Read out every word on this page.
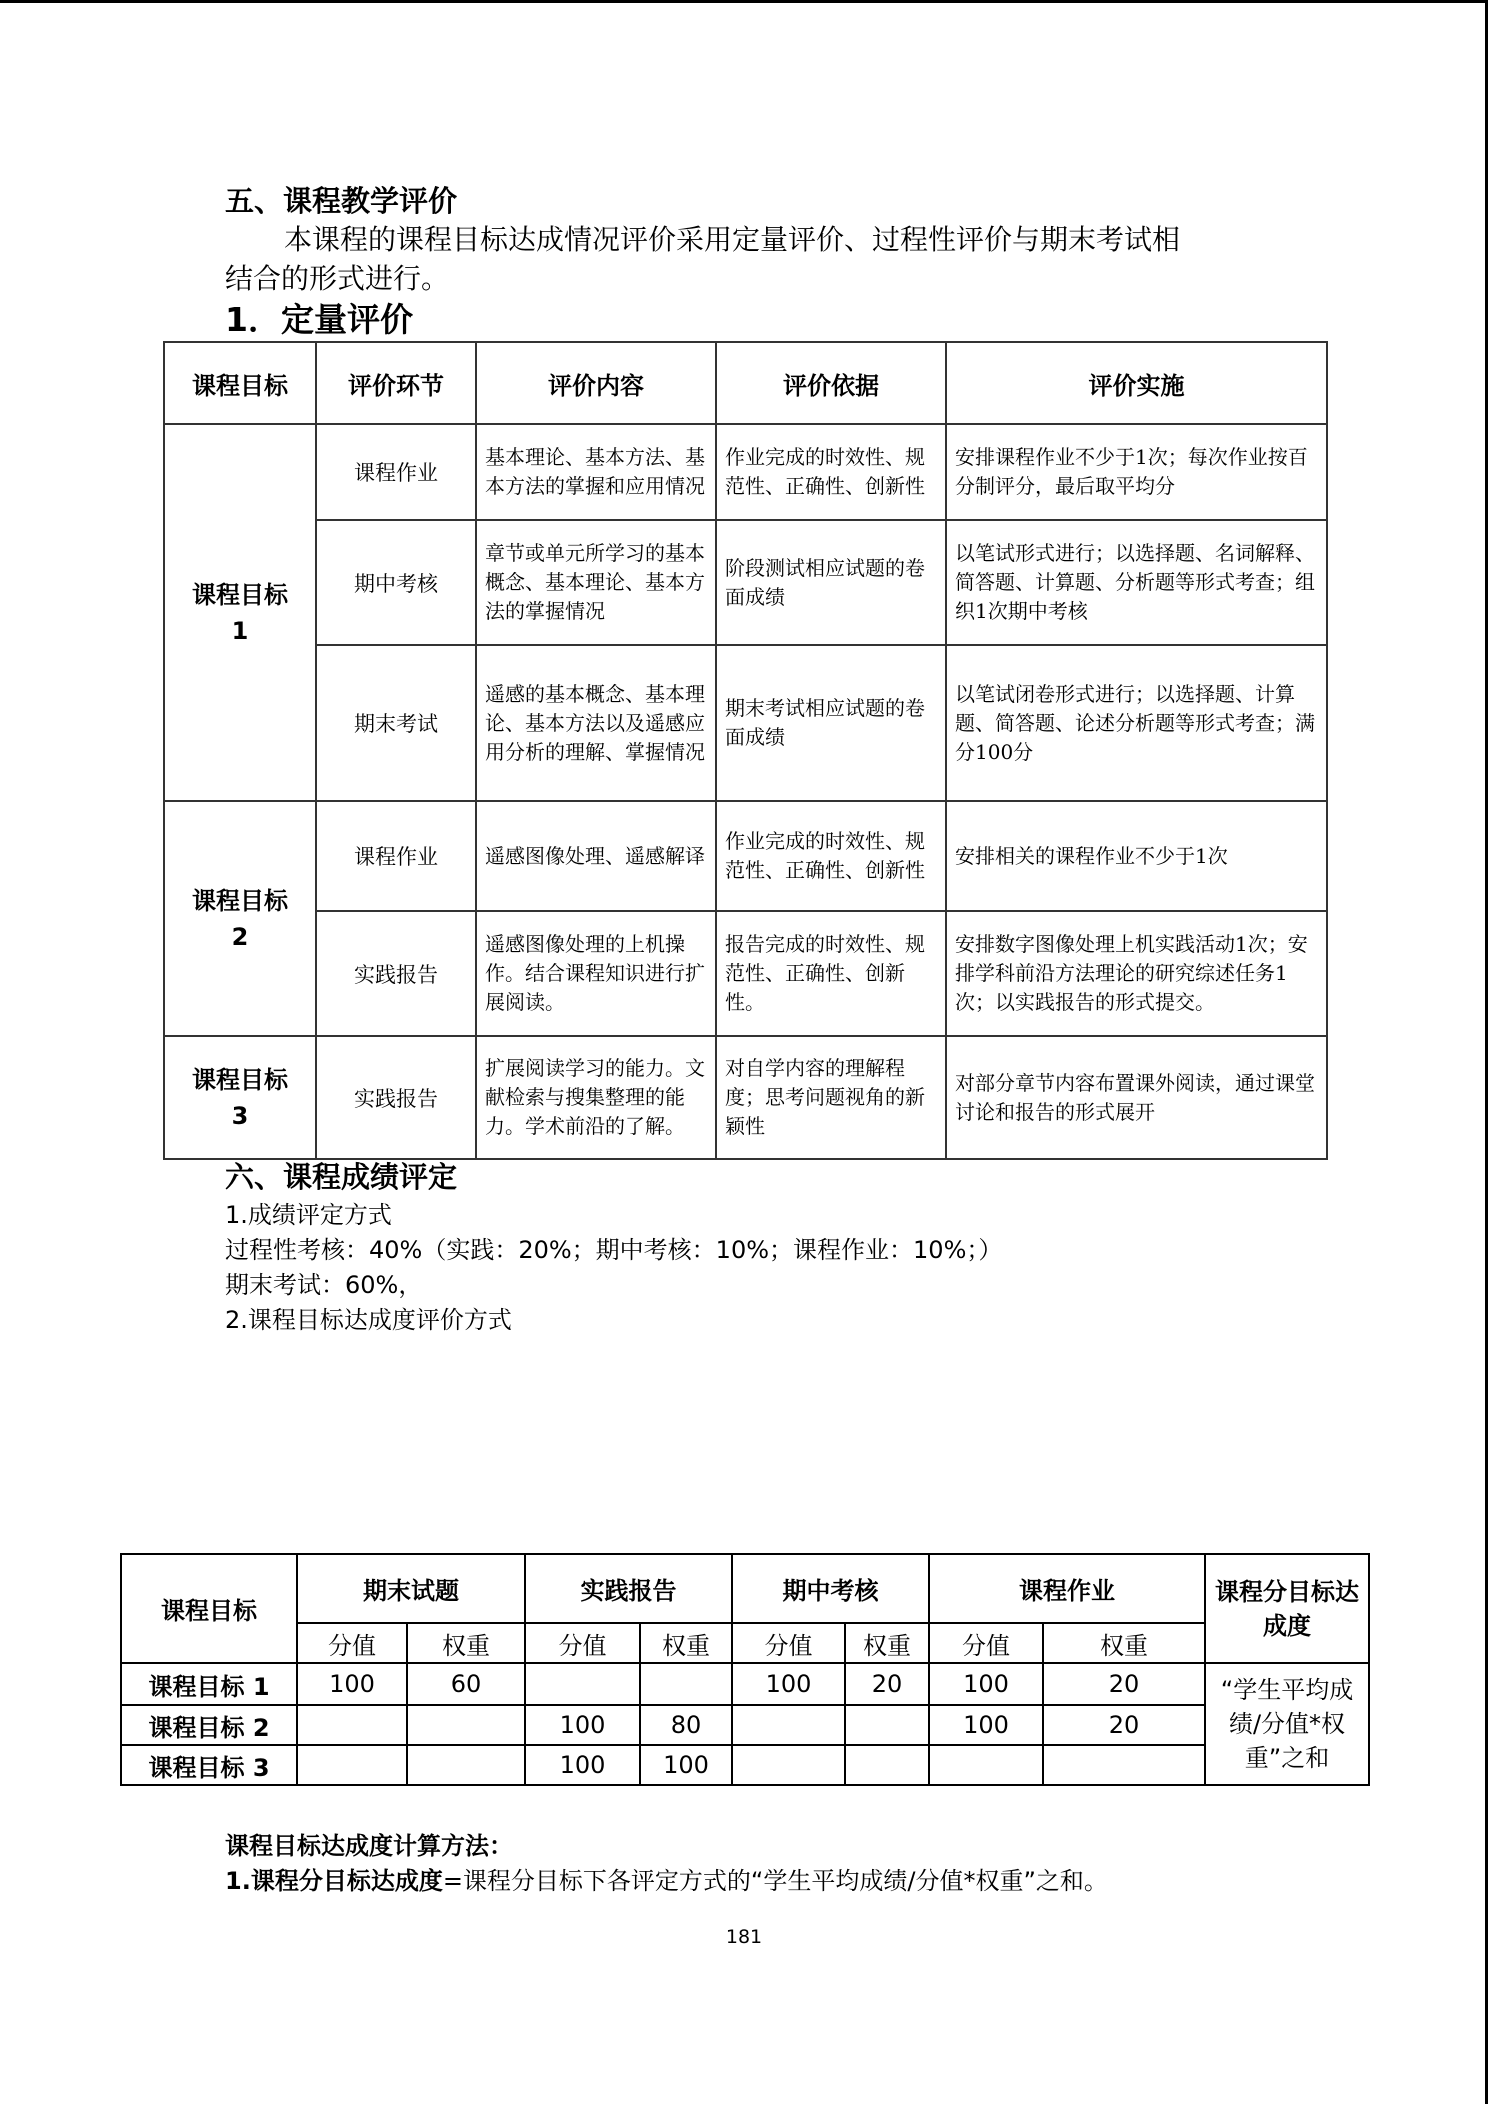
五、课程教学评价
本课程的课程目标达成情况评价采用定量评价、过程性评价与期末考试相
结合的形式进行。
1．定量评价
课程目标	评价环节	评价内容	评价依据	评价实施
课程目标1	课程作业	基本理论、基本方法、基本方法的掌握和应用情况	作业完成的时效性、规范性、正确性、创新性	安排课程作业不少于1次；每次作业按百分制评分，最后取平均分
	期中考核	章节或单元所学习的基本概念、基本理论、基本方法的掌握情况	阶段测试相应试题的卷面成绩	以笔试形式进行；以选择题、名词解释、简答题、计算题、分析题等形式考查；组织1次期中考核
	期末考试	遥感的基本概念、基本理论、基本方法以及遥感应用分析的理解、掌握情况	期末考试相应试题的卷面成绩	以笔试闭卷形式进行；以选择题、计算题、简答题、论述分析题等形式考查；满分100分
课程目标2	课程作业	遥感图像处理、遥感解译	作业完成的时效性、规范性、正确性、创新性	安排相关的课程作业不少于1次
	实践报告	遥感图像处理的上机操作。结合课程知识进行扩展阅读。	报告完成的时效性、规范性、正确性、创新性。	安排数字图像处理上机实践活动1次；安排学科前沿方法理论的研究综述任务1次；以实践报告的形式提交。
课程目标3	实践报告	扩展阅读学习的能力。文献检索与搜集整理的能力。学术前沿的了解。	对自学内容的理解程度；思考问题视角的新颖性	对部分章节内容布置课外阅读，通过课堂讨论和报告的形式展开
六、课程成绩评定
1.成绩评定方式
过程性考核：40%（实践：20%；期中考核：10%；课程作业：10%；）
期末考试：60%，
2.课程目标达成度评价方式
课程目标	期末试题		实践报告		期中考核		课程作业		课程分目标达成度
	分值	权重	分值	权重	分值	权重	分值	权重	
课程目标 1	100	60			100	20	100	20	“学生平均成绩/分值*权重”之和
课程目标 2			100	80			100	20	
课程目标 3			100	100					
课程目标达成度计算方法：
1.课程分目标达成度=课程分目标下各评定方式的“学生平均成绩/分值*权重”之和。
181
